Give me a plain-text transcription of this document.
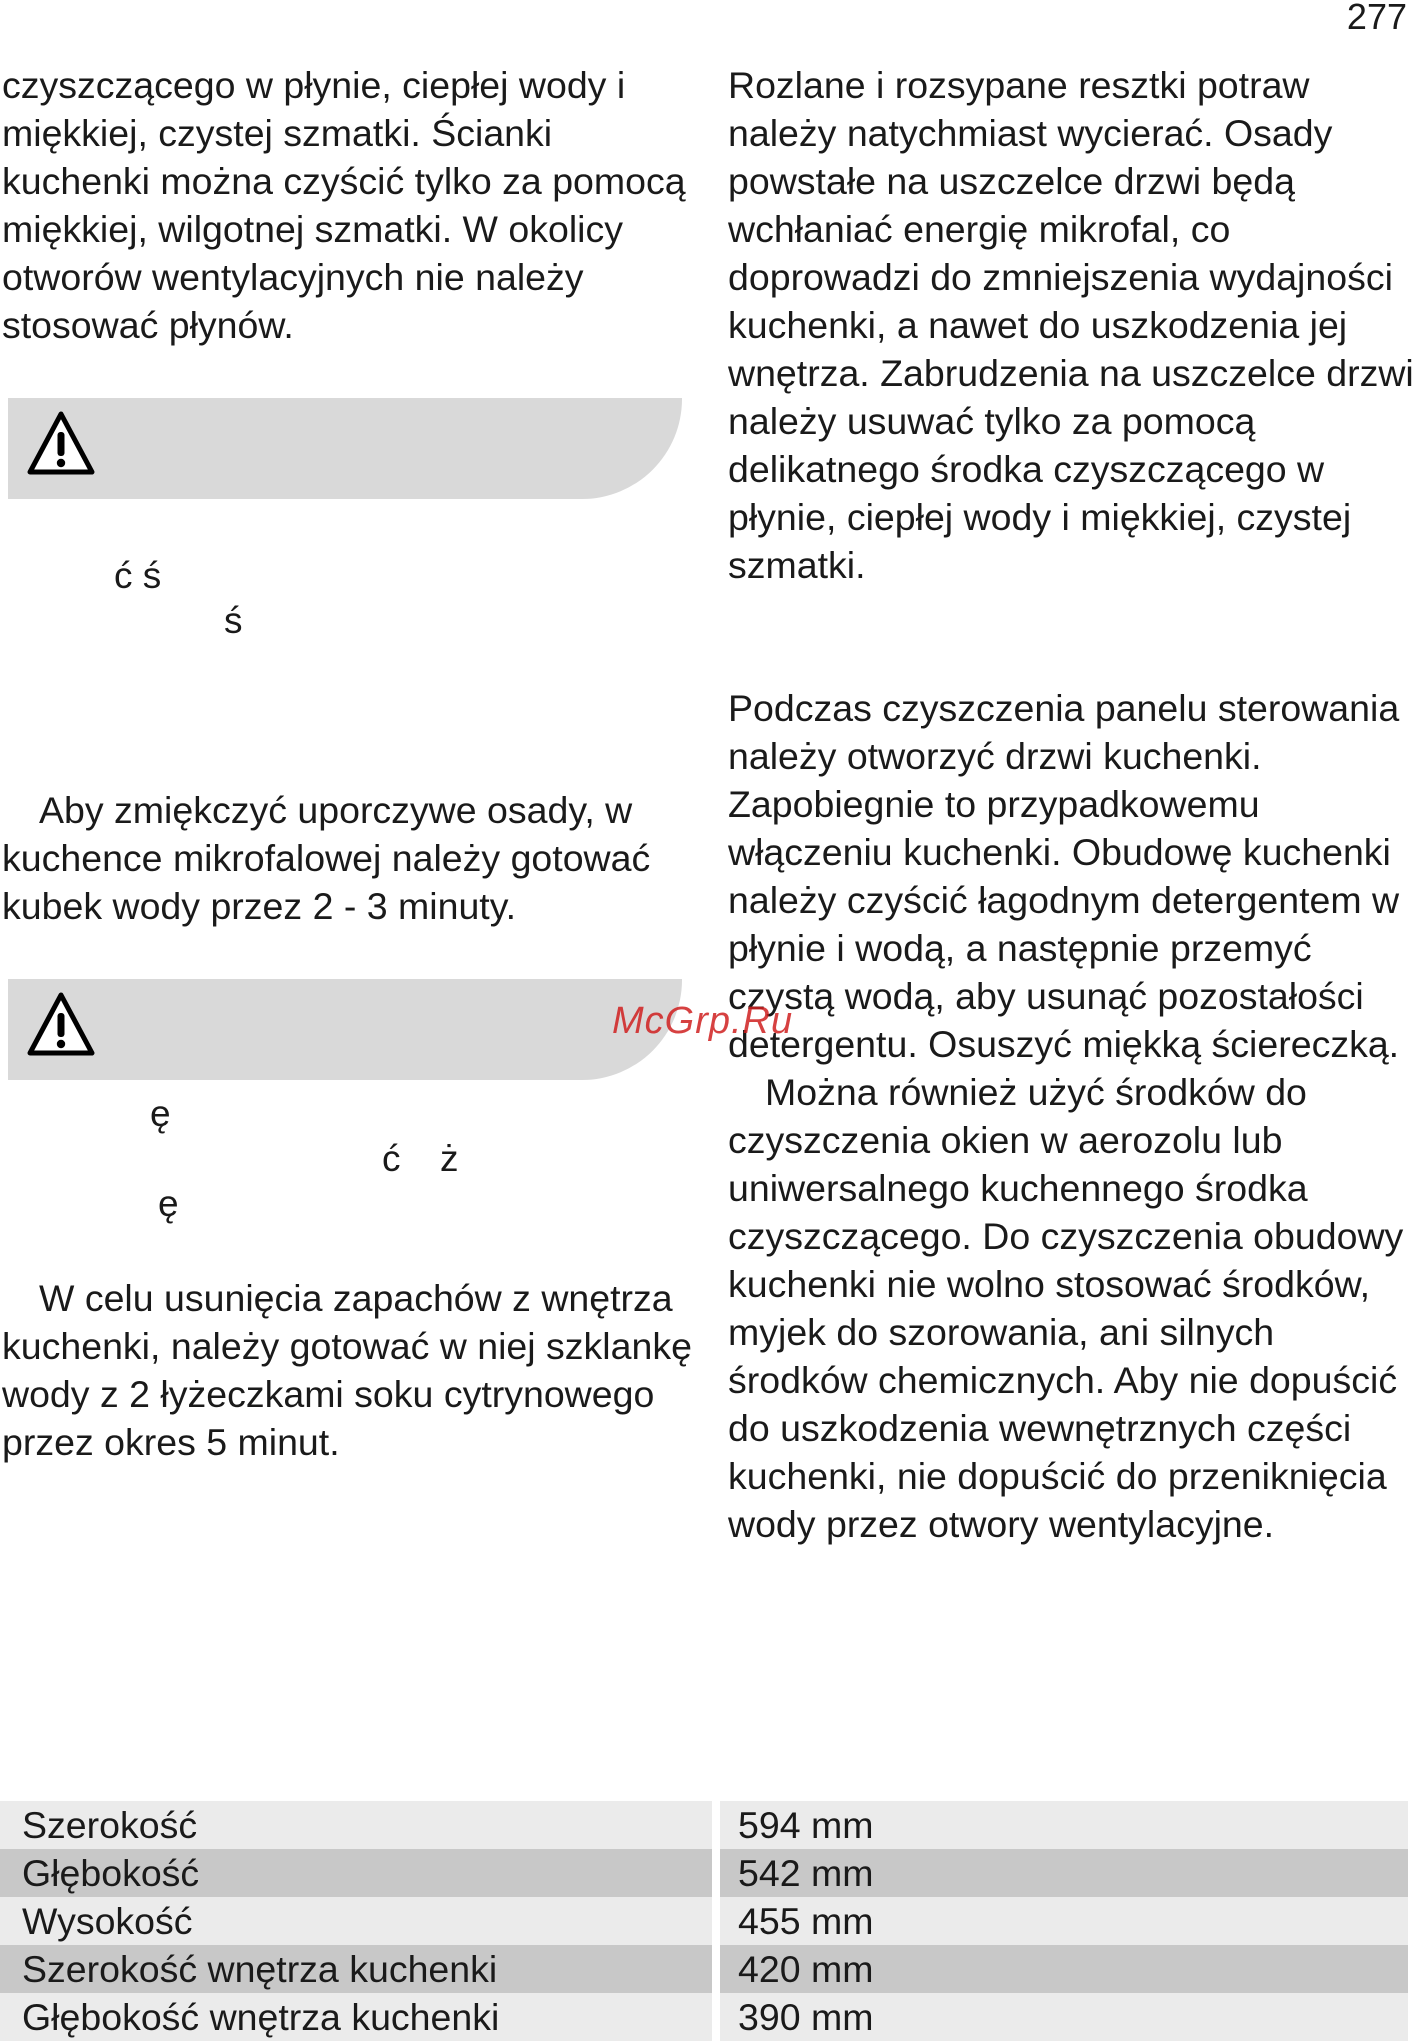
277

czyszczącego w płynie, ciepłej wody i miękkiej, czystej szmatki. Ścianki kuchenki można czyścić tylko za pomocą miękkiej, wilgotnej szmatki. W okolicy otworów wentylacyjnych nie należy stosować płynów.

ć ś

ś

Aby zmiękczyć uporczywe osady, w kuchence mikrofalowej należy gotować kubek wody przez 2 - 3 minuty.

ę

ć ż

ę

W celu usunięcia zapachów z wnętrza kuchenki, należy gotować w niej szklankę wody z 2 łyżeczkami soku cytrynowego przez okres 5 minut.

Rozlane i rozsypane resztki potraw należy natychmiast wycierać. Osady powstałe na uszczelce drzwi będą wchłaniać energię mikrofal, co doprowadzi do zmniejszenia wydajności kuchenki, a nawet do uszkodzenia jej wnętrza. Zabrudzenia na uszczelce drzwi należy usuwać tylko za pomocą delikatnego środka czyszczącego w płynie, ciepłej wody i miękkiej, czystej szmatki.

Podczas czyszczenia panelu sterowania należy otworzyć drzwi kuchenki. Zapobiegnie to przypadkowemu włączeniu kuchenki. Obudowę kuchenki należy czyścić łagodnym detergentem w płynie i wodą, a następnie przemyć czystą wodą, aby usunąć pozostałości detergentu. Osuszyć miękką ściereczką.

Można również użyć środków do czyszczenia okien w aerozolu lub uniwersalnego kuchennego środka czyszczącego. Do czyszczenia obudowy kuchenki nie wolno stosować środków, myjek do szorowania, ani silnych środków chemicznych. Aby nie dopuścić do uszkodzenia wewnętrznych części kuchenki, nie dopuścić do przeniknięcia wody przez otwory wentylacyjne.

McGrp.Ru

Szerokość	594 mm
Głębokość	542 mm
Wysokość	455 mm
Szerokość wnętrza kuchenki	420 mm
Głębokość wnętrza kuchenki	390 mm
